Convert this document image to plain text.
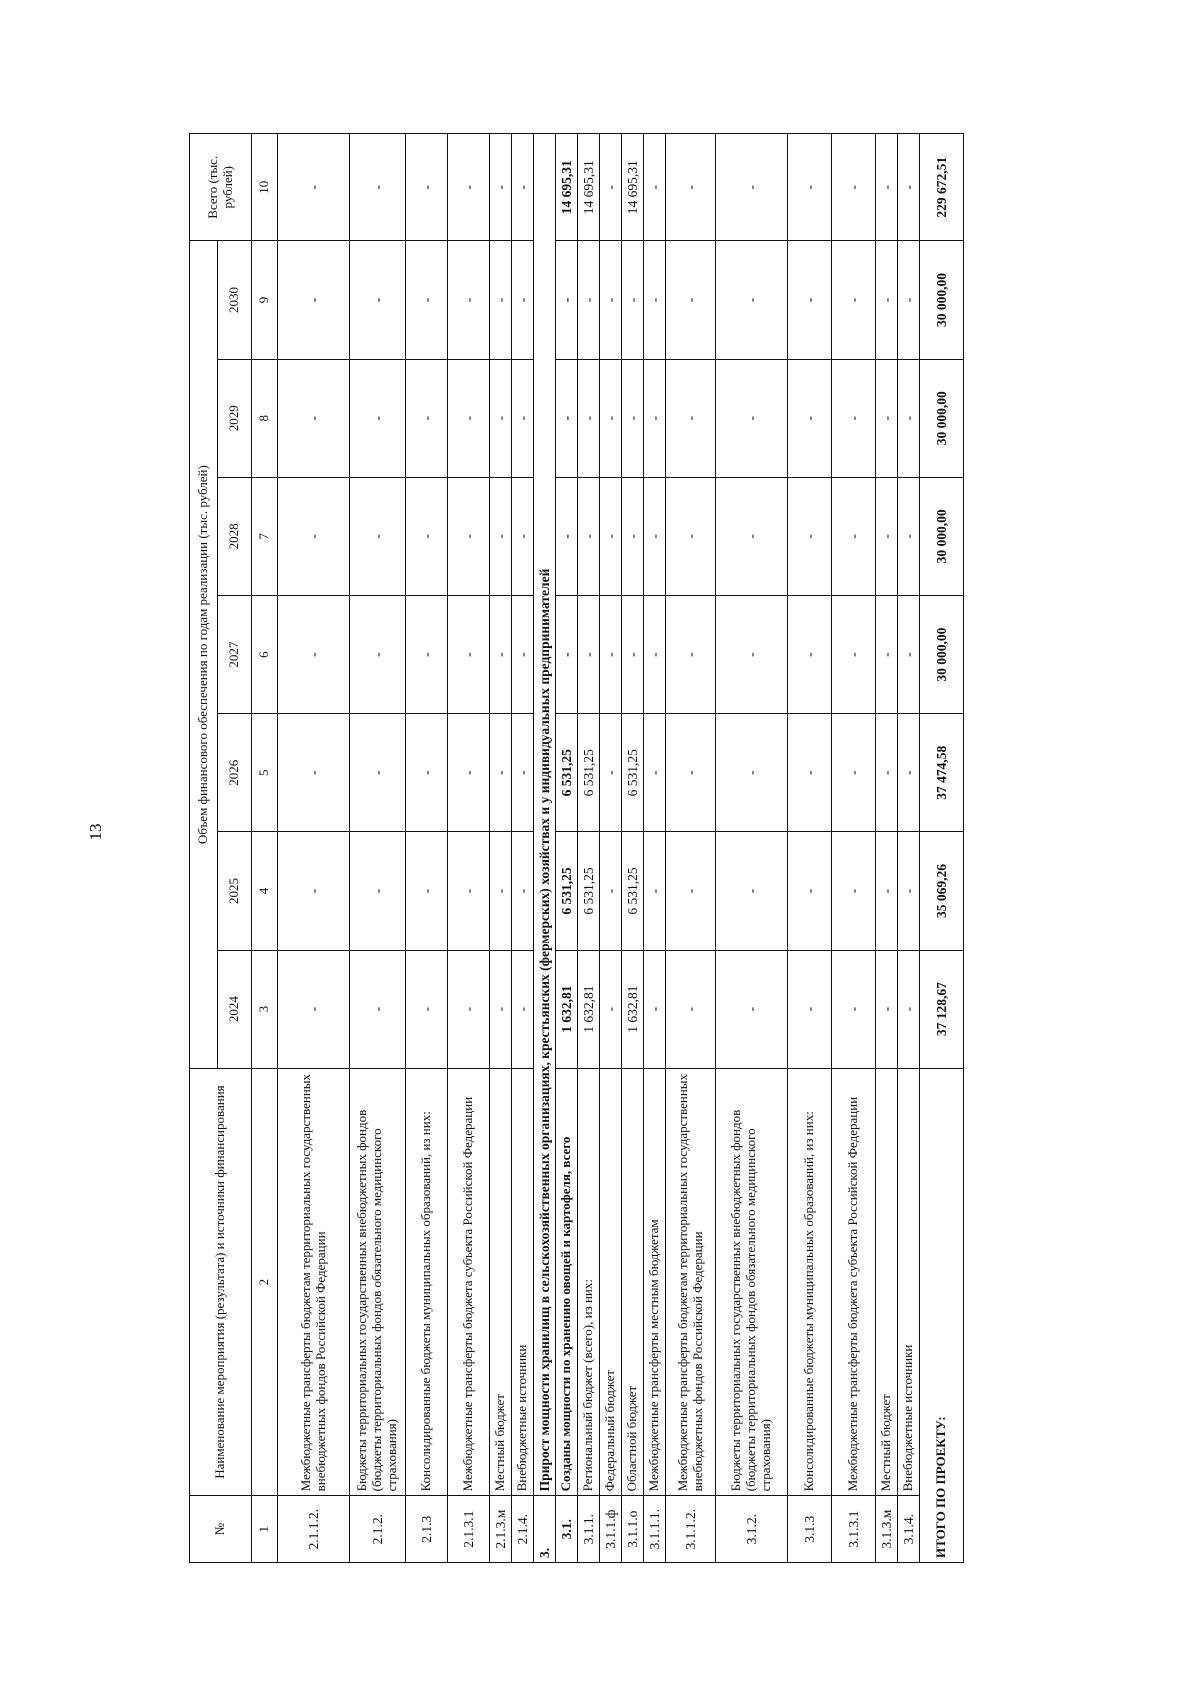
13
№	Наименование мероприятия (результата) и источники финансирования	Объем финансового обеспечения по годам реализации (тыс. рублей)							Всего (тыс. рублей)
		2024	2025	2026	2027	2028	2029	2030	
1	2	3	4	5	6	7	8	9	10
2.1.1.2.	Межбюджетные трансферты бюджетам территориальных государственных внебюджетных фондов Российской Федерации	-	-	-	-	-	-	-	-
2.1.2.	Бюджеты территориальных государственных внебюджетных фондов (бюджеты территориальных фондов обязательного медицинского страхования)	-	-	-	-	-	-	-	-
2.1.3	Консолидированные бюджеты муниципальных образований, из них:	-	-	-	-	-	-	-	-
2.1.3.1	Межбюджетные трансферты бюджета субъекта Российской Федерации	-	-	-	-	-	-	-	-
2.1.3.м	Местный бюджет	-	-	-	-	-	-	-	-
2.1.4.	Внебюджетные источники	-	-	-	-	-	-	-	-
3.	Прирост мощности хранилищ в сельскохозяйственных организациях, крестьянских (фермерских) хозяйствах и у индивидуальных предпринимателей								
3.1.	Созданы мощности по хранению овощей и картофеля, всего	1 632,81	6 531,25	6 531,25	-	-	-	-	14 695,31
3.1.1.	Региональный бюджет (всего), из них:	1 632,81	6 531,25	6 531,25	-	-	-	-	14 695,31
3.1.1.ф	Федеральный бюджет	-	-	-	-	-	-	-	-
3.1.1.о	Областной бюджет	1 632,81	6 531,25	6 531,25	-	-	-	-	14 695,31
3.1.1.1.	Межбюджетные трансферты местным бюджетам	-	-	-	-	-	-	-	-
3.1.1.2.	Межбюджетные трансферты бюджетам территориальных государственных внебюджетных фондов Российской Федерации	-	-	-	-	-	-	-	-
3.1.2.	Бюджеты территориальных государственных внебюджетных фондов (бюджеты территориальных фондов обязательного медицинского страхования)	-	-	-	-	-	-	-	-
3.1.3	Консолидированные бюджеты муниципальных образований, из них:	-	-	-	-	-	-	-	-
3.1.3.1	Межбюджетные трансферты бюджета субъекта Российской Федерации	-	-	-	-	-	-	-	-
3.1.3.м	Местный бюджет	-	-	-	-	-	-	-	-
3.1.4.	Внебюджетные источники	-	-	-	-	-	-	-	-
ИТОГО ПО ПРОЕКТУ:		37 128,67	35 069,26	37 474,58	30 000,00	30 000,00	30 000,00	30 000,00	229 672,51
